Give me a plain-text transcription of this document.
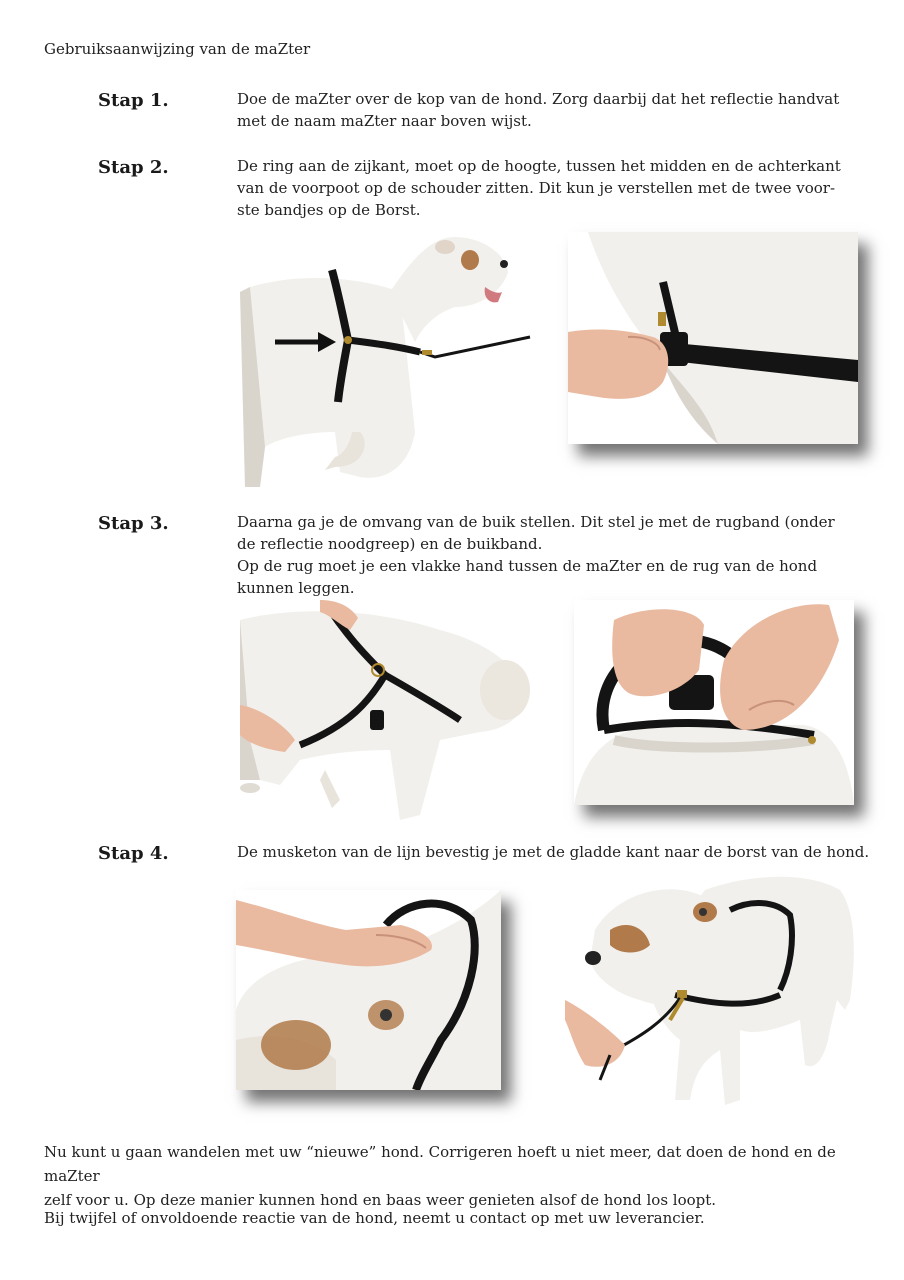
Gebruiksaanwijzing van de maZter
Stap 1.	Doe de maZter over de kop van de hond. Zorg daarbij dat het reflectie handvat

met de naam maZter naar boven wijst.

Stap 2.	De ring aan de zijkant, moet op de hoogte, tussen het midden en de achterkant

van de voorpoot op de schouder zitten. Dit kun je verstellen met de twee voor-

ste bandjes op de Borst.

Stap 3.	Daarna ga je de omvang van de buik stellen. Dit stel je met de rugband (onder

de reflectie noodgreep) en de buikband.

Op de rug moet je een vlakke hand tussen de maZter en de rug van de hond

kunnen leggen.

Stap 4.	De musketon van de lijn bevestig je met de gladde kant naar de borst van de hond.

Nu kunt u gaan wandelen met uw “nieuwe” hond. Corrigeren hoeft u niet meer, dat doen de hond en de maZter
zelf voor u. Op deze manier kunnen hond en baas weer genieten alsof de hond los loopt.
Bij twijfel of onvoldoende reactie van de hond, neemt u contact op met uw leverancier.
